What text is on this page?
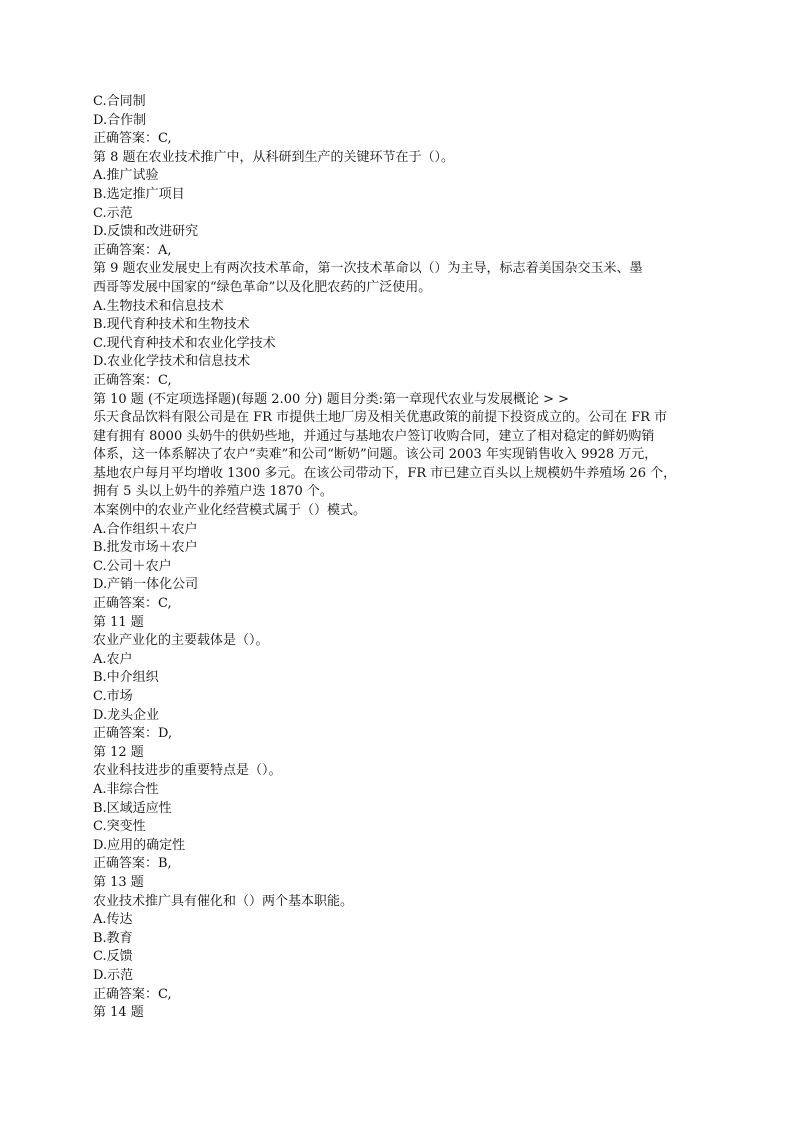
C.合同制
D.合作制
正确答案：C,
第 8 题在农业技术推广中，从科研到生产的关键环节在于（）。
A.推广试验
B.选定推广项目
C.示范
D.反馈和改进研究
正确答案：A,
第 9 题农业发展史上有两次技术革命，第一次技术革命以（）为主导，标志着美国杂交玉米、墨
西哥等发展中国家的“绿色革命”以及化肥农药的广泛使用。
A.生物技术和信息技术
B.现代育种技术和生物技术
C.现代育种技术和农业化学技术
D.农业化学技术和信息技术
正确答案：C,
第 10 题 (不定项选择题)(每题 2.00 分) 题目分类:第一章现代农业与发展概论 > >
乐天食品饮料有限公司是在 FR 市提供土地厂房及相关优惠政策的前提下投资成立的。公司在 FR 市
建有拥有 8000 头奶牛的供奶些地，并通过与基地农户签订收购合同，建立了相对稳定的鲜奶购销
体系，这一体系解决了农户“卖难”和公司“断奶”问题。该公司 2003 年实现销售收入 9928 万元，
基地农户每月平均增收 1300 多元。在该公司带动下，FR 市已建立百头以上规模奶牛养殖场 26 个，
拥有 5 头以上奶牛的养殖户迭 1870 个。
本案例中的农业产业化经营模式属于（）模式。
A.合作组织＋农户
B.批发市场＋农户
C.公司＋农户
D.产销一体化公司
正确答案：C,
第 11 题
农业产业化的主要载体是（）。
A.农户
B.中介组织
C.市场
D.龙头企业
正确答案：D,
第 12 题
农业科技进步的重要特点是（）。
A.非综合性
B.区域适应性
C.突变性
D.应用的确定性
正确答案：B,
第 13 题
农业技术推广具有催化和（）两个基本职能。
A.传达
B.教育
C.反馈
D.示范
正确答案：C,
第 14 题
